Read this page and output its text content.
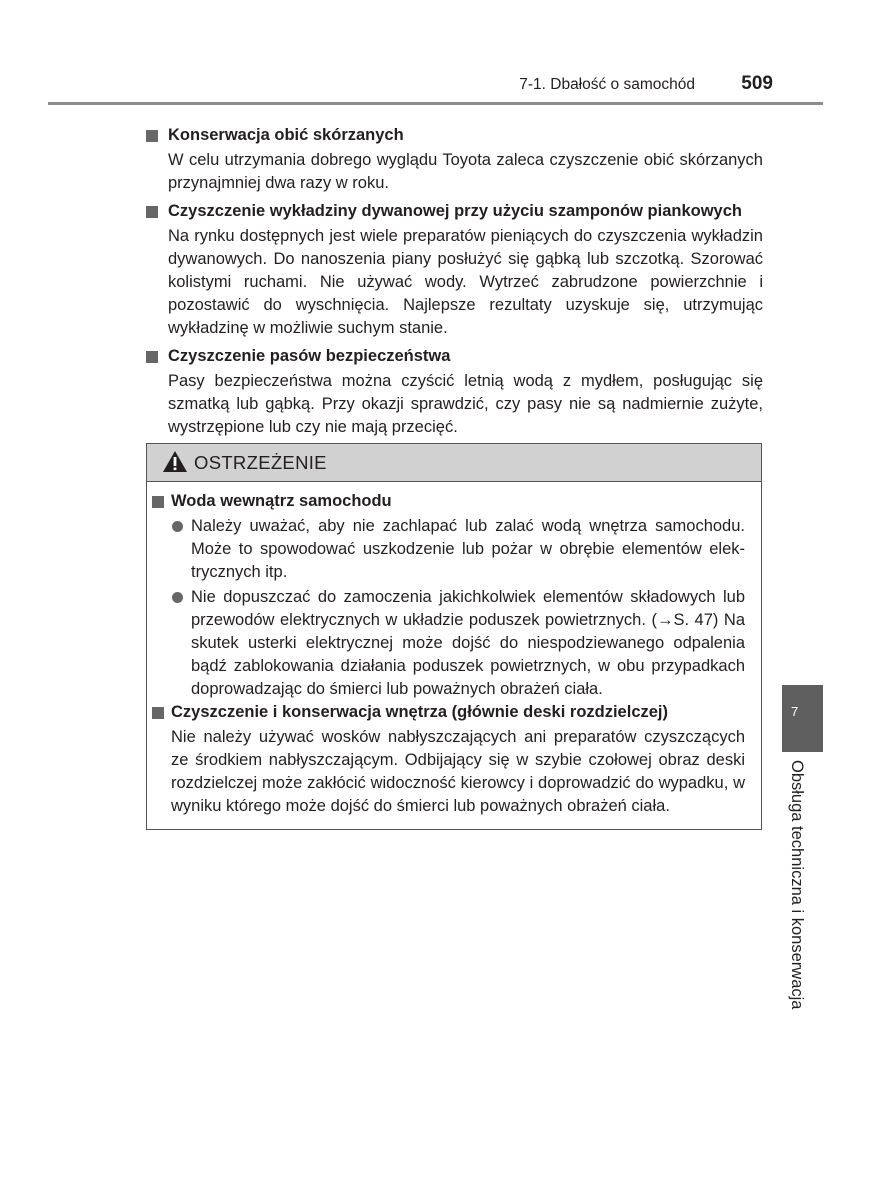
7-1. Dbałość o samochód 509
Konserwacja obić skórzanych
W celu utrzymania dobrego wyglądu Toyota zaleca czyszczenie obić skórzanych przynajmniej dwa razy w roku.
Czyszczenie wykładziny dywanowej przy użyciu szamponów piankowych
Na rynku dostępnych jest wiele preparatów pieniących do czyszczenia wykładzin dywanowych. Do nanoszenia piany posłużyć się gąbką lub szczotką. Szorować kolistymi ruchami. Nie używać wody. Wytrzeć zabrudzone powierzchnie i pozostawić do wyschnięcia. Najlepsze rezultaty uzyskuje się, utrzymując wykładzinę w możliwie suchym stanie.
Czyszczenie pasów bezpieczeństwa
Pasy bezpieczeństwa można czyścić letnią wodą z mydłem, posługując się szmatką lub gąbką. Przy okazji sprawdzić, czy pasy nie są nadmiernie zużyte, wystrzępione lub czy nie mają przecięć.
OSTRZEŻENIE
Woda wewnątrz samochodu
Należy uważać, aby nie zachlapać lub zalać wodą wnętrza samochodu. Może to spowodować uszkodzenie lub pożar w obrębie elementów elektrycznych itp.
Nie dopuszczać do zamoczenia jakichkolwiek elementów składowych lub przewodów elektrycznych w układzie poduszek powietrznych. (→S. 47) Na skutek usterki elektrycznej może dojść do niespodziewanego odpalenia bądź zablokowania działania poduszek powietrznych, w obu przypadkach doprowadzając do śmierci lub poważnych obrażeń ciała.
Czyszczenie i konserwacja wnętrza (głównie deski rozdzielczej)
Nie należy używać wosków nabłyszczających ani preparatów czyszczących ze środkiem nabłyszczającym. Odbijający się w szybie czołowej obraz deski rozdzielczej może zakłócić widoczność kierowcy i doprowadzić do wypadku, w wyniku którego może dojść do śmierci lub poważnych obrażeń ciała.
7
Obsługa techniczna i konserwacja
